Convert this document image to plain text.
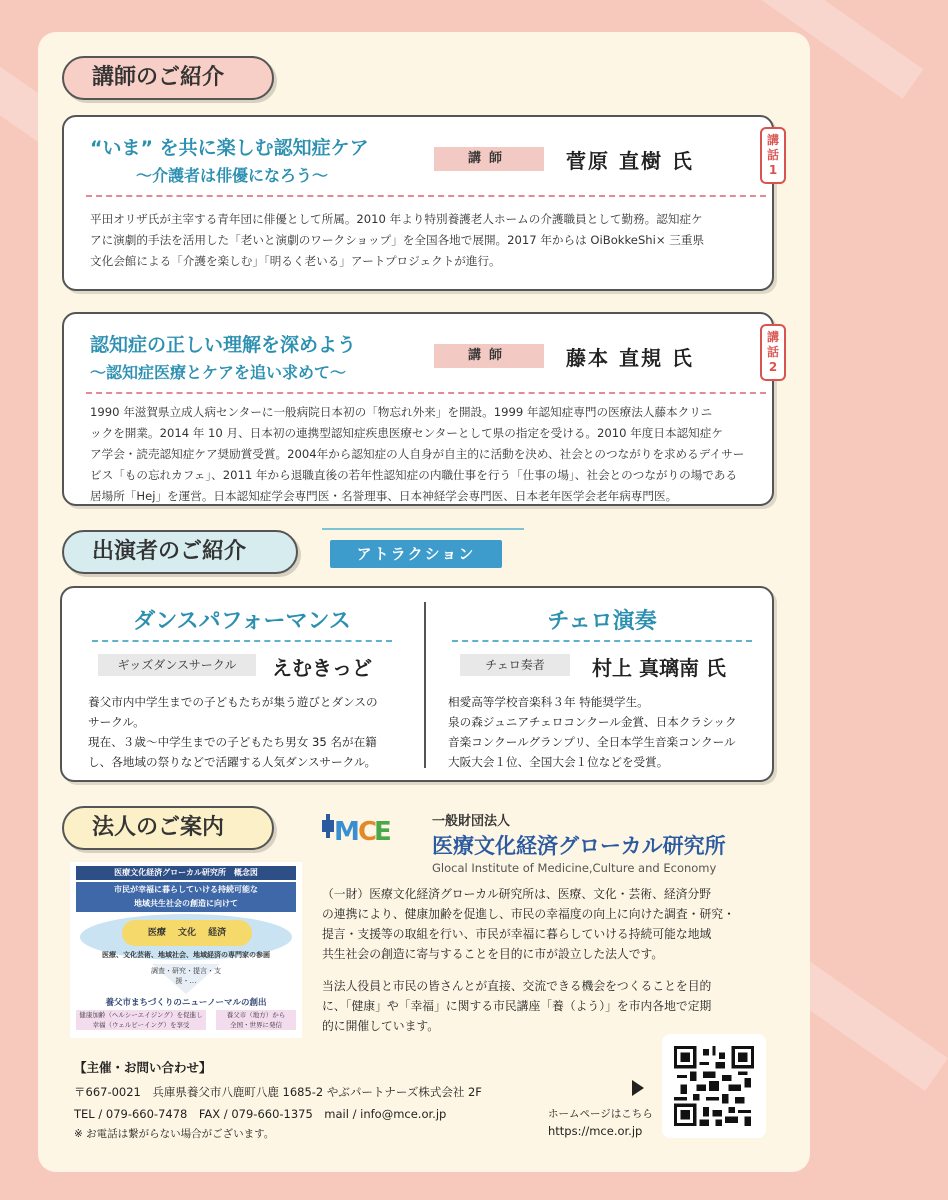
講師のご紹介
“いま” を共に楽しむ認知症ケア
〜介護者は俳優になろう〜
講師	菅原 直樹 氏
平田オリザ氏が主宰する青年団に俳優として所属。2010 年より特別養護老人ホームの介護職員として勤務。認知症ケ
アに演劇的手法を活用した「老いと演劇のワークショップ」を全国各地で展開。2017 年からは OiBokkeShi× 三重県
文化会館による「介護を楽しむ」「明るく老いる」アートプロジェクトが進行。
講
話
1
認知症の正しい理解を深めよう
〜認知症医療とケアを追い求めて〜
講師	藤本 直規 氏
1990 年滋賀県立成人病センターに一般病院日本初の「物忘れ外来」を開設。1999 年認知症専門の医療法人藤本クリニ
ックを開業。2014 年 10 月、日本初の連携型認知症疾患医療センターとして県の指定を受ける。2010 年度日本認知症ケ
ア学会・読売認知症ケア奨励賞受賞。2004年から認知症の人自身が自主的に活動を決め、社会とのつながりを求めるデイサー
ビス「もの忘れカフェ」、2011 年から退職直後の若年性認知症の内職仕事を行う「仕事の場」、社会とのつながりの場である
居場所「Hej」を運営。日本認知症学会専門医・名誉理事、日本神経学会専門医、日本老年医学会老年病専門医。
講
話
2
出演者のご紹介	アトラクション
ダンスパフォーマンス
ギッズダンスサークル	えむきっど
養父市内中学生までの子どもたちが集う遊びとダンスの
サークル。
現在、３歳〜中学生までの子どもたち男女 35 名が在籍
し、各地域の祭りなどで活躍する人気ダンスサークル。
チェロ演奏
チェロ奏者	村上 真璃南 氏
相愛高等学校音楽科３年 特能奨学生。
泉の森ジュニアチェロコンクール金賞、日本クラシック
音楽コンクールグランプリ、全日本学生音楽コンクール
大阪大会１位、全国大会１位などを受賞。
法人のご案内	M
C
E	一般財団法人
医療文化経済グローカル研究所
Glocal Institute of Medicine,Culture and Economy
医療文化経済グローカル研究所　概念図
市民が幸福に暮らしていける持続可能な
地域共生社会の創造に向けて
医療　 文化　 経済
医療、文化芸術、地域社会、地域経済の専門家の参画
調査・研究・提言・支援・…
養父市まちづくりのニューノーマルの創出
健康加齢（ヘルシーエイジング）を促進し
幸福（ウェルビーイング）を享受
養父市（地方）から
全国・世界に発信
（一財）医療文化経済グローカル研究所は、医療、文化・芸術、経済分野
の連携により、健康加齢を促進し、市民の幸福度の向上に向けた調査・研究・
提言・支援等の取組を行い、市民が幸福に暮らしていける持続可能な地域
共生社会の創造に寄与することを目的に市が設立した法人です。
当法人役員と市民の皆さんとが直接、交流できる機会をつくることを目的
に、「健康」や「幸福」に関する市民講座「養（よう）」を市内各地で定期
的に開催しています。
【主催・お問い合わせ】
〒667-0021　兵庫県養父市八鹿町八鹿 1685-2 やぶパートナーズ株式会社 2F
TEL / 079-660-7478　FAX / 079-660-1375　mail / info@mce.or.jp
※ お電話は繋がらない場合がございます。
ホームページはこちら
https://mce.or.jp
